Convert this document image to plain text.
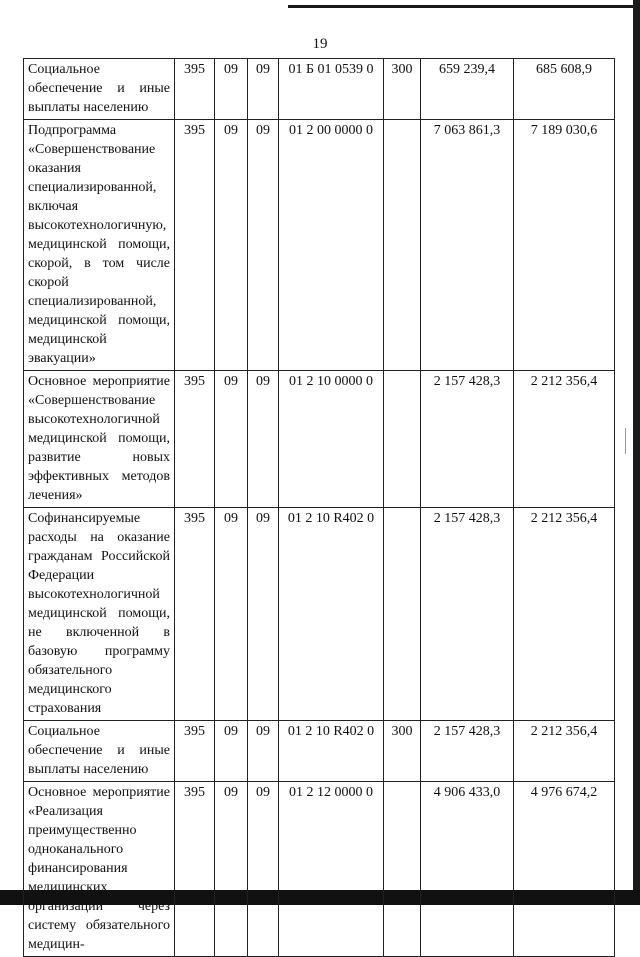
19
Социальное обеспечение и иные выплаты населению	395	09	09	01 Б 01 0539 0	300	659 239,4	685 608,9
Подпрограмма «Совершенствование оказания специализированной, включая высокотехнологичную, медицинской помощи, скорой, в том числе скорой специализированной, медицинской помощи, медицинской эвакуации»	395	09	09	01 2 00 0000 0		7 063 861,3	7 189 030,6
Основное мероприятие «Совершенствование высокотехнологичной медицинской помощи, развитие новых эффективных методов лечения»	395	09	09	01 2 10 0000 0		2 157 428,3	2 212 356,4
Софинансируемые расходы на оказание гражданам Российской Федерации высокотехнологичной медицинской помощи, не включенной в базовую программу обязательного медицинского страхования	395	09	09	01 2 10 R402 0		2 157 428,3	2 212 356,4
Социальное обеспечение и иные выплаты населению	395	09	09	01 2 10 R402 0	300	2 157 428,3	2 212 356,4
Основное мероприятие «Реализация преимущественно одноканального финансирования медицинских организаций через систему обязательного медицин-	395	09	09	01 2 12 0000 0		4 906 433,0	4 976 674,2
